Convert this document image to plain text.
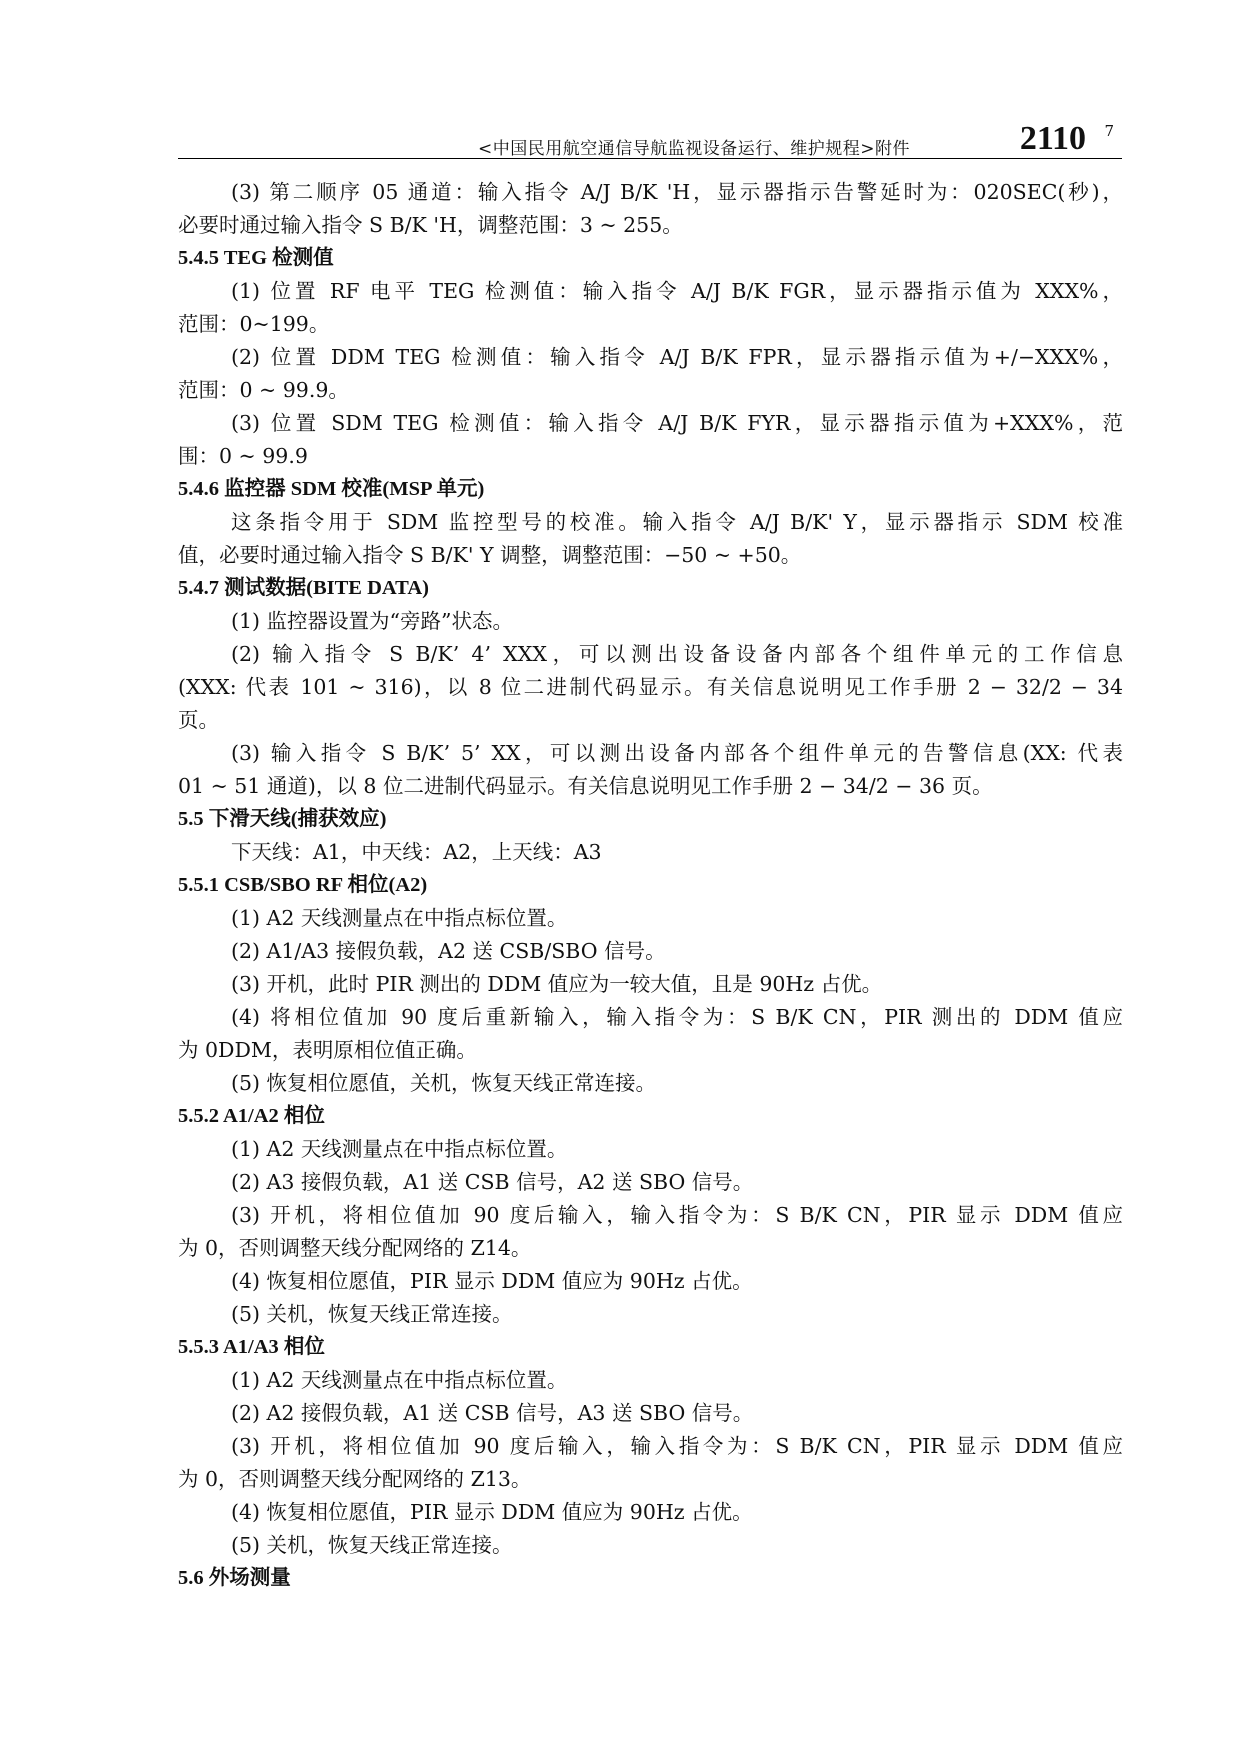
<中国民用航空通信导航监视设备运行、维护规程>附件	2110 7
(3) 第二顺序 05 通道：输入指令 A/J B/K 'H，显示器指示告警延时为：020SEC(秒)，
必要时通过输入指令 S B/K 'H，调整范围：3 ~ 255。
5.4.5 TEG 检测值
(1) 位置 RF 电平 TEG 检测值：输入指令 A/J B/K FGR，显示器指示值为 XXX%，
范围：0~199。
(2) 位置 DDM TEG 检测值：输入指令 A/J B/K FPR，显示器指示值为+/−XXX%，
范围：0 ~ 99.9。
(3) 位置 SDM TEG 检测值：输入指令 A/J B/K FYR，显示器指示值为+XXX%，范
围：0 ~ 99.9
5.4.6 监控器 SDM 校准(MSP 单元)
这条指令用于 SDM 监控型号的校准。输入指令 A/J B/K' Y，显示器指示 SDM 校准
值，必要时通过输入指令 S B/K' Y 调整，调整范围：−50 ~ +50。
5.4.7 测试数据(BITE DATA)
(1) 监控器设置为“旁路”状态。
(2) 输入指令 S B/K’ 4’ XXX，可以测出设备设备内部各个组件单元的工作信息
(XXX: 代表 101 ~ 316)，以 8 位二进制代码显示。有关信息说明见工作手册 2 − 32/2 − 34
页。
(3) 输入指令 S B/K’ 5’ XX，可以测出设备内部各个组件单元的告警信息(XX: 代表
01 ~ 51 通道)，以 8 位二进制代码显示。有关信息说明见工作手册 2 − 34/2 − 36 页。
5.5 下滑天线(捕获效应)
下天线：A1，中天线：A2，上天线：A3
5.5.1 CSB/SBO RF 相位(A2)
(1) A2 天线测量点在中指点标位置。
(2) A1/A3 接假负载，A2 送 CSB/SBO 信号。
(3) 开机，此时 PIR 测出的 DDM 值应为一较大值，且是 90Hz 占优。
(4) 将相位值加 90 度后重新输入，输入指令为：S B/K CN，PIR 测出的 DDM 值应
为 0DDM，表明原相位值正确。
(5) 恢复相位愿值，关机，恢复天线正常连接。
5.5.2 A1/A2 相位
(1) A2 天线测量点在中指点标位置。
(2) A3 接假负载，A1 送 CSB 信号，A2 送 SBO 信号。
(3) 开机，将相位值加 90 度后输入，输入指令为：S B/K CN，PIR 显示 DDM 值应
为 0，否则调整天线分配网络的 Z14。
(4) 恢复相位愿值，PIR 显示 DDM 值应为 90Hz 占优。
(5) 关机，恢复天线正常连接。
5.5.3 A1/A3 相位
(1) A2 天线测量点在中指点标位置。
(2) A2 接假负载，A1 送 CSB 信号，A3 送 SBO 信号。
(3) 开机，将相位值加 90 度后输入，输入指令为：S B/K CN，PIR 显示 DDM 值应
为 0，否则调整天线分配网络的 Z13。
(4) 恢复相位愿值，PIR 显示 DDM 值应为 90Hz 占优。
(5) 关机，恢复天线正常连接。
5.6 外场测量
